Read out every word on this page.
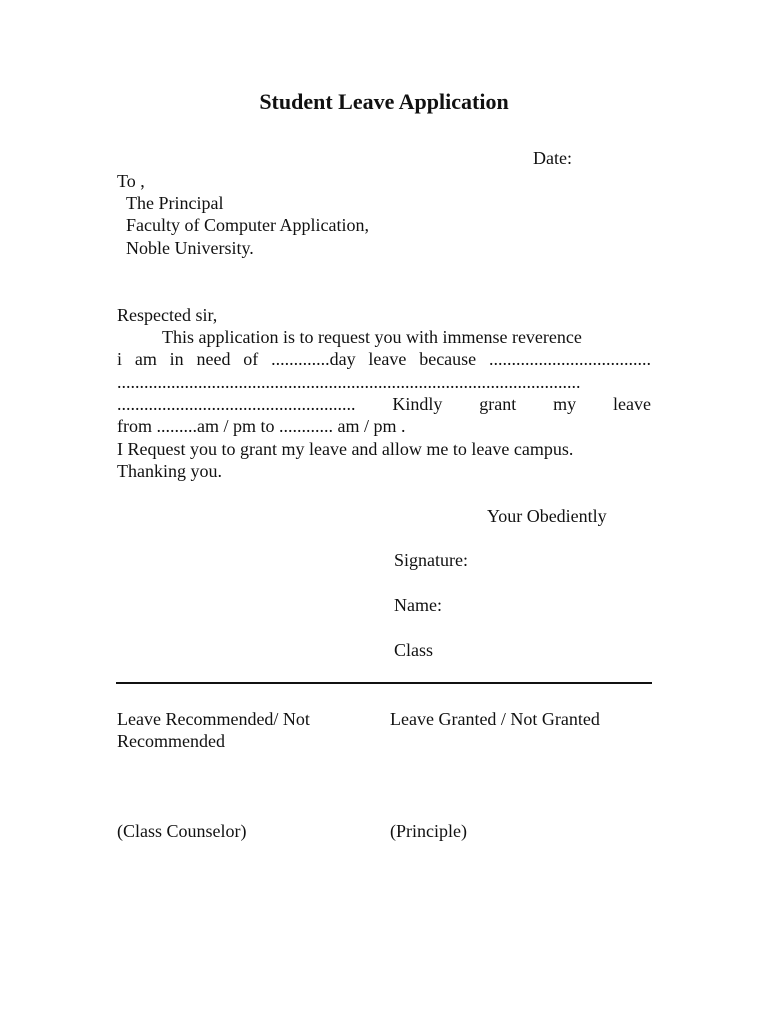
Student Leave Application
Date:
To ,
The Principal
Faculty of Computer Application,
Noble University.
Respected sir,
This application is to request you with immense reverence
i am in need of .............day leave because ....................................
.......................................................................................................
..................................................... Kindly grant my leave
from .........am / pm to ............ am / pm .
I Request you to grant my leave and allow me to leave campus.
Thanking you.
Your Obediently
Signature:
Name:
Class
Leave Recommended/ Not
Recommended
Leave Granted / Not Granted
(Class Counselor)	(Principle)
